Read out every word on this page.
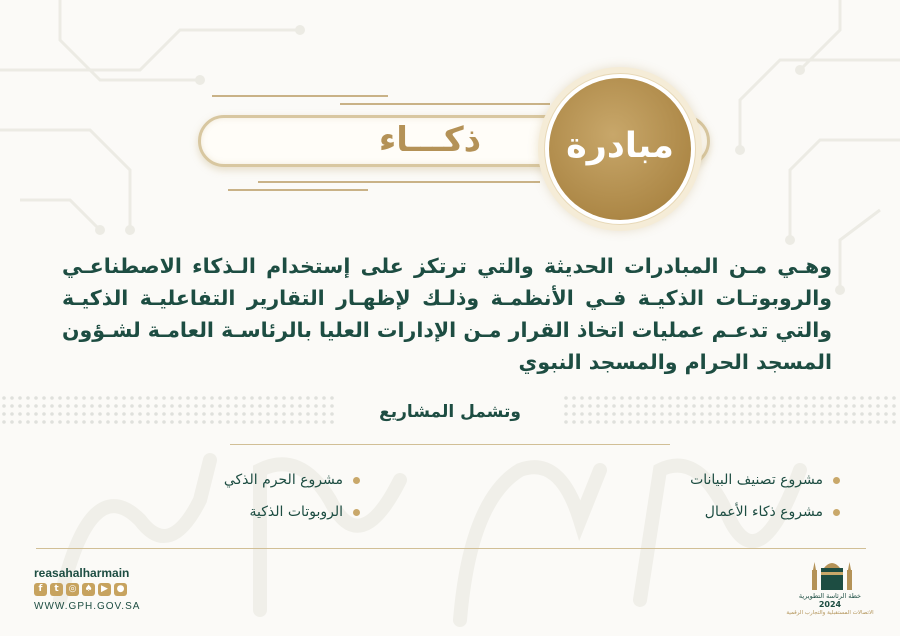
ذكـــاء	مبادرة
وهـي مـن المبادرات الحديثة والتي ترتكز على إستخدام الـذكاء الاصطناعـي والروبوتـات الذكيـة فـي الأنظمـة وذلـك لإظهـار التقارير التفاعليـة الذكيـة والتي تدعـم عمليات اتخاذ القرار مـن الإدارات العليا بالرئاسـة العامـة لشـؤون المسجد الحرام والمسجد النبوي
وتشمل المشاريع
مشروع تصنيف البيانات
مشروع ذكاء الأعمال
مشروع الحرم الذكي
الروبوتات الذكية
reasahalharmain
f	t	◎ ♠ ▶ ●
WWW.GPH.GOV.SA
خطة الرئاسة التطويرية
2024
الاتصالات المستقبلية والتجارب الرقمية
